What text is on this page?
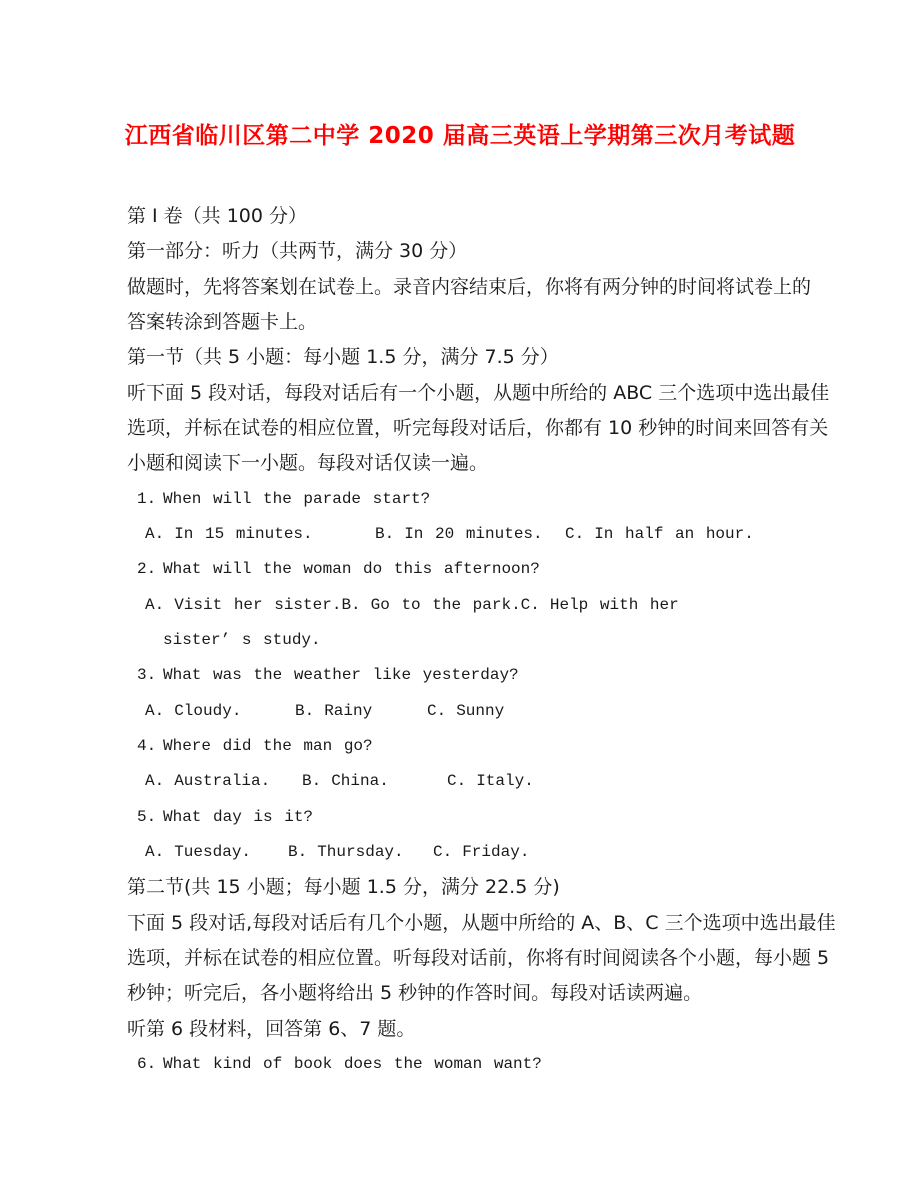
江西省临川区第二中学 2020 届高三英语上学期第三次月考试题

第 I 卷（共 100 分）

第一部分：听力（共两节，满分 30 分）

做题时，先将答案划在试卷上。录音内容结束后，你将有两分钟的时间将试卷上的

答案转涂到答题卡上。

第一节（共 5 小题：每小题 1.5 分，满分 7.5 分）

听下面 5 段对话，每段对话后有一个小题，从题中所给的 ABC 三个选项中选出最佳

选项，并标在试卷的相应位置，听完每段对话后，你都有 10 秒钟的时间来回答有关

小题和阅读下一小题。每段对话仅读一遍。

1. When will the parade start?

A. In 15 minutes.	B. In 20 minutes.	C. In half an hour.

2. What will the woman do this afternoon?

A. Visit her sister. B. Go to the park. C. Help with her

sister’ s study.

3. What was the weather like yesterday?

A. Cloudy.	B. Rainy	C. Sunny

4. Where did the man go?

A. Australia.	B. China.	C. Italy.

5. What day is it?

A. Tuesday.	B. Thursday.	C. Friday.

第二节(共 15 小题；每小题 1.5 分，满分 22.5 分)

下面 5 段对话,每段对话后有几个小题，从题中所给的 A、B、C 三个选项中选出最佳

选项，并标在试卷的相应位置。听每段对话前，你将有时间阅读各个小题，每小题 5

秒钟；听完后，各小题将给出 5 秒钟的作答时间。每段对话读两遍。

听第 6 段材料，回答第 6、7 题。

6. What kind of book does the woman want?
